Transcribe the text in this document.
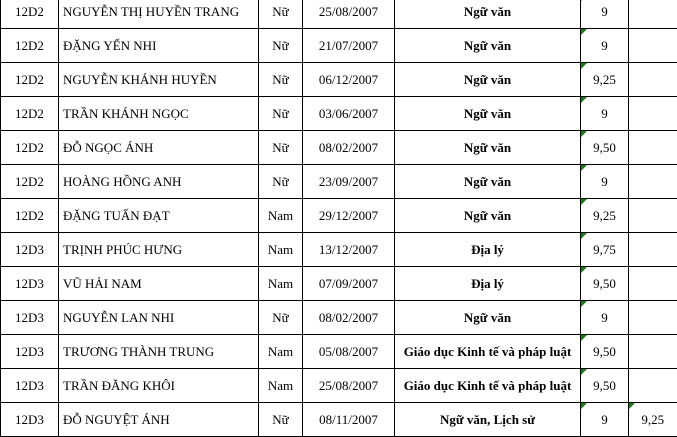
12D2	NGUYỄN THỊ HUYỀN TRANG	Nữ	25/08/2007	Ngữ văn	9	
12D2	ĐẶNG YẾN NHI	Nữ	21/07/2007	Ngữ văn	9	
12D2	NGUYỄN KHÁNH HUYỀN	Nữ	06/12/2007	Ngữ văn	9,25	
12D2	TRẦN KHÁNH NGỌC	Nữ	03/06/2007	Ngữ văn	9	
12D2	ĐỖ NGỌC ÁNH	Nữ	08/02/2007	Ngữ văn	9,50	
12D2	HOÀNG HỒNG ANH	Nữ	23/09/2007	Ngữ văn	9	
12D2	ĐẶNG TUẤN ĐẠT	Nam	29/12/2007	Ngữ văn	9,25	
12D3	TRỊNH PHÚC HƯNG	Nam	13/12/2007	Địa lý	9,75	
12D3	VŨ HẢI NAM	Nam	07/09/2007	Địa lý	9,50	
12D3	NGUYỄN LAN NHI	Nữ	08/02/2007	Ngữ văn	9	
12D3	TRƯƠNG THÀNH TRUNG	Nam	05/08/2007	Giáo dục Kinh tế và pháp luật	9,50	
12D3	TRẦN ĐĂNG KHÔI	Nam	25/08/2007	Giáo dục Kinh tế và pháp luật	9,50	
12D3	ĐỖ NGUYỆT ÁNH	Nữ	08/11/2007	Ngữ văn, Lịch sử	9	9,25
